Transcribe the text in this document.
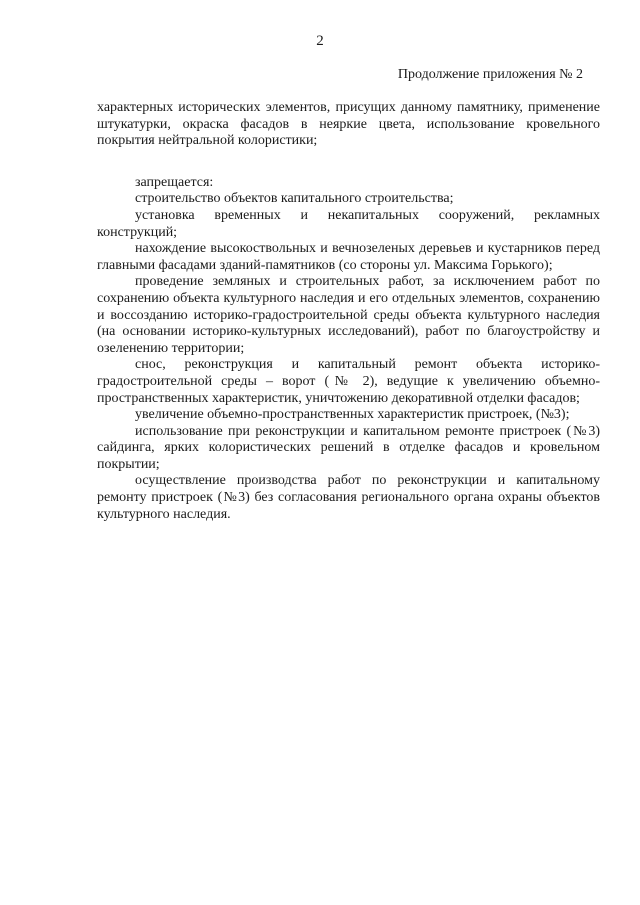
2
Продолжение приложения № 2

характерных исторических элементов, присущих данному памятнику, применение штукатурки, окраска фасадов в неяркие цвета, использование кровельного покрытия нейтральной колористики;

запрещается:

строительство объектов капитального строительства;

установка временных и некапитальных сооружений, рекламных конструкций;

нахождение высокоствольных и вечнозеленых деревьев и кустарников перед главными фасадами зданий-памятников (со стороны ул. Максима Горького);

проведение земляных и строительных работ, за исключением работ по сохранению объекта культурного наследия и его отдельных элементов, сохранению и воссозданию историко-градостроительной среды объекта культурного наследия (на основании историко-культурных исследований), работ по благоустройству и озеленению территории;

снос, реконструкция и капитальный ремонт объекта историко-градостроительной среды – ворот (№ 2), ведущие к увеличению объемно-пространственных характеристик, уничтожению декоративной отделки фасадов;

увеличение объемно-пространственных характеристик пристроек, (№3);

использование при реконструкции и капитальном ремонте пристроек (№3) сайдинга, ярких колористических решений в отделке фасадов и кровельном покрытии;

осуществление производства работ по реконструкции и капитальному ремонту пристроек (№3) без согласования регионального органа охраны объектов культурного наследия.
